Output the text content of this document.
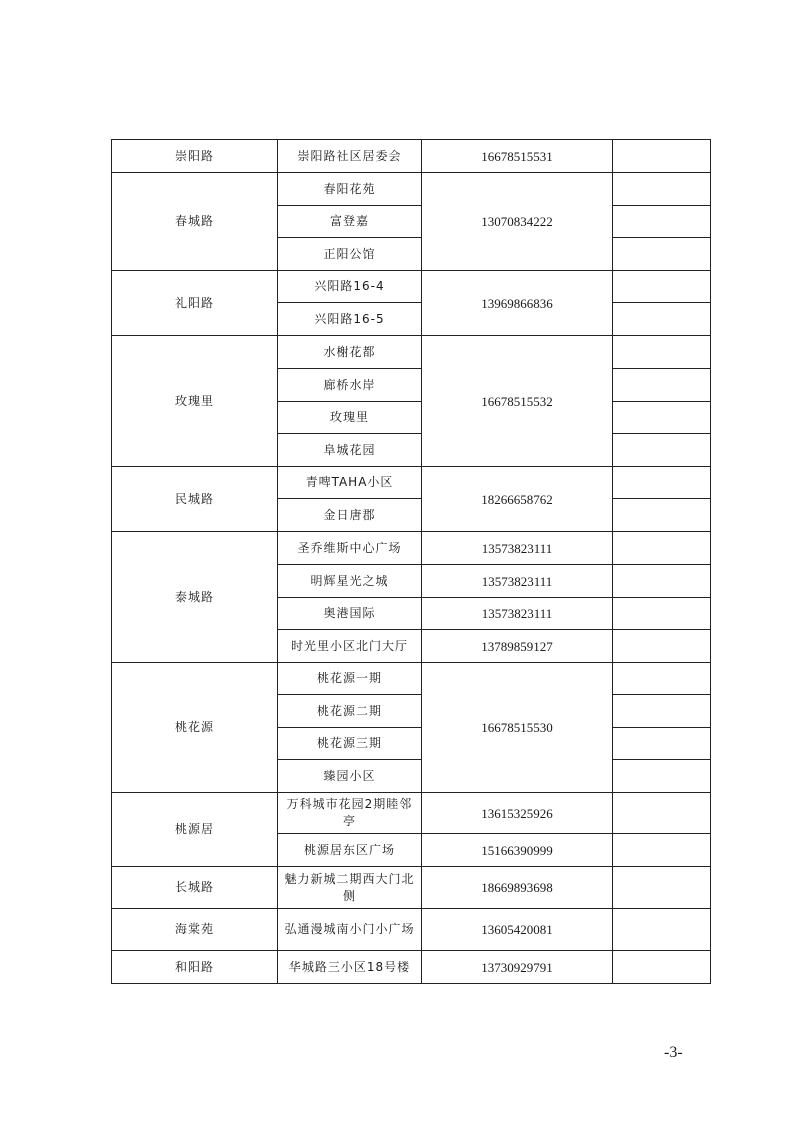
崇阳路	崇阳路社区居委会	16678515531	
春城路	春阳花苑	13070834222	
	富登嘉		
	正阳公馆		
礼阳路	兴阳路16-4	13969866836	
	兴阳路16-5		
玫瑰里	水榭花都	16678515532	
	廊桥水岸		
	玫瑰里		
	阜城花园		
民城路	青啤TAHA小区	18266658762	
	金日唐郡		
泰城路	圣乔维斯中心广场	13573823111	
	明辉星光之城	13573823111	
	奥港国际	13573823111	
	时光里小区北门大厅	13789859127	
桃花源	桃花源一期	16678515530	
	桃花源二期		
	桃花源三期		
	臻园小区		
桃源居	万科城市花园2期睦邻亭	13615325926	
	桃源居东区广场	15166390999	
长城路	魅力新城二期西大门北侧	18669893698	
海棠苑	弘通漫城南小门小广场	13605420081	
和阳路	华城路三小区18号楼	13730929791	
-3-
